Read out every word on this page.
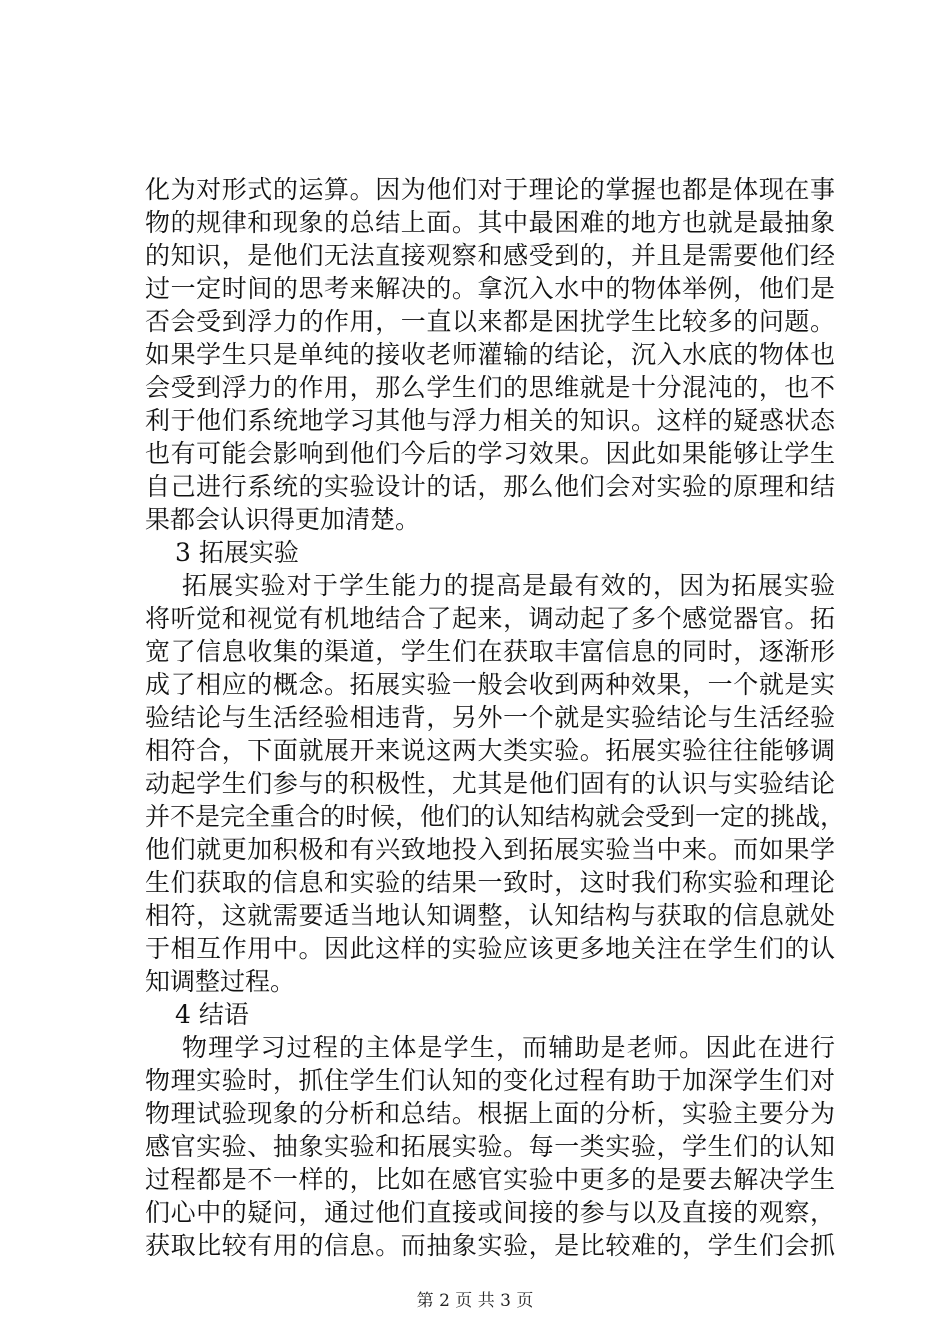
化为对形式的运算。因为他们对于理论的掌握也都是体现在事
物的规律和现象的总结上面。其中最困难的地方也就是最抽象
的知识，是他们无法直接观察和感受到的，并且是需要他们经
过一定时间的思考来解决的。拿沉入水中的物体举例，他们是
否会受到浮力的作用，一直以来都是困扰学生比较多的问题。
如果学生只是单纯的接收老师灌输的结论，沉入水底的物体也
会受到浮力的作用，那么学生们的思维就是十分混沌的，也不
利于他们系统地学习其他与浮力相关的知识。这样的疑惑状态
也有可能会影响到他们今后的学习效果。因此如果能够让学生
自己进行系统的实验设计的话，那么他们会对实验的原理和结
果都会认识得更加清楚。
3 拓展实验
拓展实验对于学生能力的提高是最有效的，因为拓展实验
将听觉和视觉有机地结合了起来，调动起了多个感觉器官。拓
宽了信息收集的渠道，学生们在获取丰富信息的同时，逐渐形
成了相应的概念。拓展实验一般会收到两种效果，一个就是实
验结论与生活经验相违背，另外一个就是实验结论与生活经验
相符合，下面就展开来说这两大类实验。拓展实验往往能够调
动起学生们参与的积极性，尤其是他们固有的认识与实验结论
并不是完全重合的时候，他们的认知结构就会受到一定的挑战，
他们就更加积极和有兴致地投入到拓展实验当中来。而如果学
生们获取的信息和实验的结果一致时，这时我们称实验和理论
相符，这就需要适当地认知调整，认知结构与获取的信息就处
于相互作用中。因此这样的实验应该更多地关注在学生们的认
知调整过程。
4 结语
物理学习过程的主体是学生，而辅助是老师。因此在进行
物理实验时，抓住学生们认知的变化过程有助于加深学生们对
物理试验现象的分析和总结。根据上面的分析，实验主要分为
感官实验、抽象实验和拓展实验。每一类实验，学生们的认知
过程都是不一样的，比如在感官实验中更多的是要去解决学生
们心中的疑问，通过他们直接或间接的参与以及直接的观察，
第 2 页 共 3 页
获取比较有用的信息。而抽象实验，是比较难的，学生们会抓
